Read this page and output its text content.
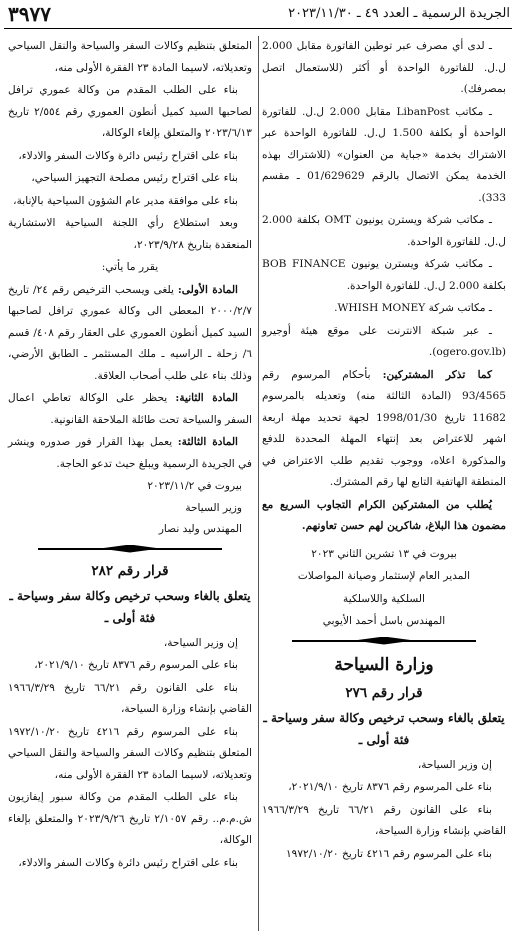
٣٩٧٧	الجريدة الرسمية ـ العدد ٤٩ ـ ٢٠٢٣/١١/٣٠

ـ لدى أي مصرف عبر توطين الفاتورة مقابل 2.000 ل.ل. للفاتورة الواحدة أو أكثر (للاستعمال اتصل بمصرفك).

ـ مكاتب LibanPost مقابل 2.000 ل.ل. للفاتورة الواحدة أو بكلفة 1.500 ل.ل. للفاتورة الواحدة عبر الاشتراك بخدمة «جباية من العنوان» (للاشتراك بهذه الخدمة يمكن الاتصال بالرقم 01/629629 ـ مقسم 333).

ـ مكاتب شركة ويسترن يونيون OMT بكلفة 2.000 ل.ل. للفاتورة الواحدة.

ـ مكاتب شركة ويسترن يونيون BOB FINANCE بكلفة 2.000 ل.ل. للفاتورة الواحدة.

ـ مكاتب شركة WHISH MONEY.

ـ عبر شبكة الانترنت على موقع هيئة أوجيرو (ogero.gov.lb).

كما تذكر المشتركين: بأحكام المرسوم رقم 93/4565 (المادة الثالثة منه) وتعديله بالمرسوم 11682 تاريخ 1998/01/30 لجهة تحديد مهلة اربعة اشهر للاعتراض بعد إنتهاء المهلة المحددة للدفع والمذكورة اعلاه، ووجوب تقديم طلب الاعتراض في المنطقة الهاتفية التابع لها رقم المشترك.

يُطلب من المشتركين الكرام التجاوب السريع مع مضمون هذا البلاغ، شاكرين لهم حسن تعاونهم.

بيروت في ١٣ تشرين الثاني ٢٠٢٣

المدير العام لإستثمار وصيانة المواصلات

السلكية واللاسلكية

المهندس باسل أحمد الأيوبي

وزارة السياحة
قرار رقم ٢٧٦
يتعلق بالغاء وسحب ترخيص وكالة سفر وسياحة ـ فئة أولى ـ

إن وزير السياحة،

بناء على المرسوم رقم ٨٣٧٦ تاريخ ٢٠٢١/٩/١٠،

بناء على القانون رقم ٦٦/٢١ تاريخ ١٩٦٦/٣/٢٩ القاضي بإنشاء وزارة السياحة،

بناء على المرسوم رقم ٤٢١٦ تاريخ ١٩٧٢/١٠/٢٠

المتعلق بتنظيم وكالات السفر والسياحة والنقل السياحي وتعديلاته، لاسيما المادة ٢٣ الفقرة الأولى منه،

بناء على الطلب المقدم من وكالة عموري ترافل لصاحبها السيد كميل أنطون العموري رقم ٢/٥٥٤ تاريخ ٢٠٢٣/٦/١٣ والمتعلق بإلغاء الوكالة،

بناء على اقتراح رئيس دائرة وكالات السفر والادلاء،

بناء على اقتراح رئيس مصلحة التجهيز السياحي،

بناء على موافقة مدير عام الشؤون السياحية بالإنابة،

وبعد استطلاع رأي اللجنة السياحية الاستشارية المنعقدة بتاريخ ٢٠٢٣/٩/٢٨،

يقرر ما يأتي:

المادة الأولى: يلغى ويسحب الترخيص رقم ٢٤/ تاريخ ٢٠٠٠/٢/٧ المعطى الى وكالة عموري ترافل لصاحبها السيد كميل أنطون العموري على العقار رقم ٤٠٨/ قسم ٦/ زحلة ـ الراسيه ـ ملك المستثمر ـ الطابق الأرضي، وذلك بناء على طلب أصحاب العلاقة.

المادة الثانية: يحظر على الوكالة تعاطي اعمال السفر والسياحة تحت طائلة الملاحقة القانونية.

المادة الثالثة: يعمل بهذا القرار فور صدوره وينشر في الجريدة الرسمية ويبلغ حيث تدعو الحاجة.

بيروت في ٢٠٢٣/١١/٢

وزير السياحة

المهندس وليد نصار

قرار رقم ٢٨٢
يتعلق بالغاء وسحب ترخيص وكالة سفر وسياحة ـ فئة أولى ـ

إن وزير السياحة،

بناء على المرسوم رقم ٨٣٧٦ تاريخ ٢٠٢١/٩/١٠،

بناء على القانون رقم ٦٦/٢١ تاريخ ١٩٦٦/٣/٢٩ القاضي بإنشاء وزارة السياحة،

بناء على المرسوم رقم ٤٢١٦ تاريخ ١٩٧٢/١٠/٢٠ المتعلق بتنظيم وكالات السفر والسياحة والنقل السياحي وتعديلاته، لاسيما المادة ٢٣ الفقرة الأولى منه،

بناء على الطلب المقدم من وكالة سبور إيفازيون ش.م.م.. رقم ٢/١٠٥٧ تاريخ ٢٠٢٣/٩/٢٦ والمتعلق بإلغاء الوكالة،

بناء على اقتراح رئيس دائرة وكالات السفر والادلاء،
